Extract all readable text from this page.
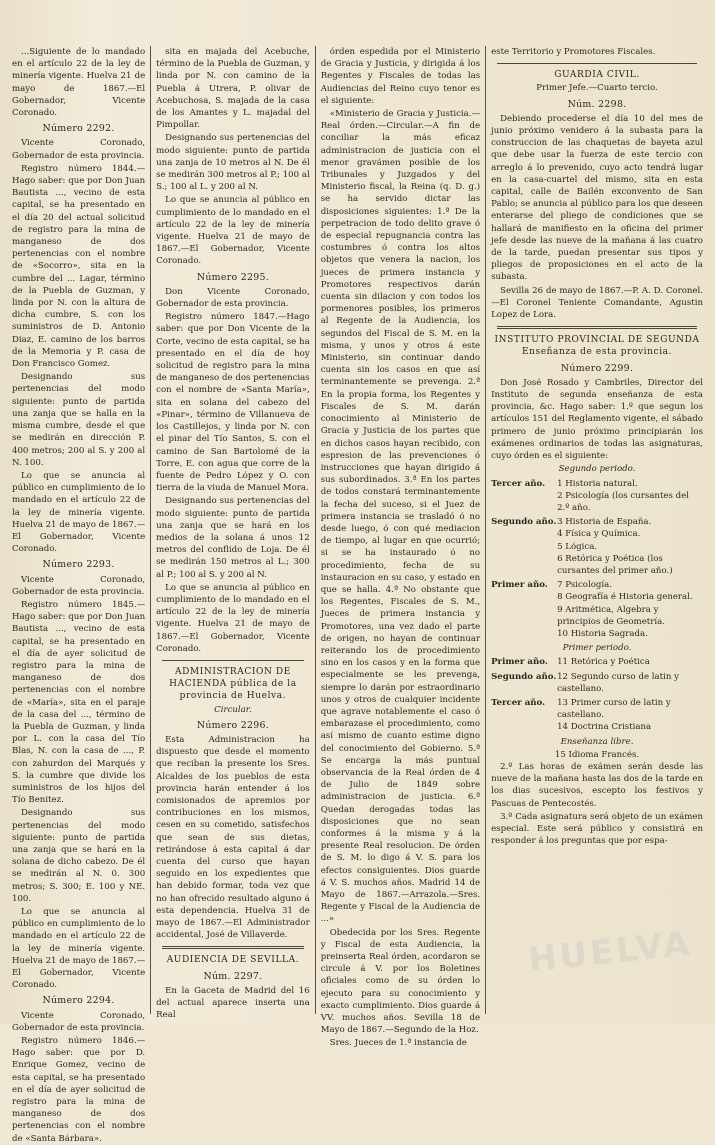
...Siguiente de lo mandado en el artículo 22 de la ley de minería vigente. Huelva 21 de mayo de 1867.—El Gobernador, Vicente Coronado.
Número 2292.
Vicente Coronado, Gobernador de esta provincia.
Registro número 1844.—Hago saber: que por Don Juan Bautista ..., vecino de esta capital, se ha presentado en el día 20 del actual solicitud de registro para la mina de manganeso de dos pertenencias con el nombre de «Socorro», sita en la cumbre del ... Lagar, término de la Puebla de Guzman, y linda por N. con la altura de dicha cumbre, S. con los suministros de D. Antonio Diaz, E. camino de los barros de la Memoria y P. casa de Don Francisco Gomez.
Designando sus pertenencias del modo siguiente: punto de partida una zanja que se halla en la misma cumbre, desde el que se medirán en dirección P. 400 metros; 200 al S. y 200 al N. 100.
Lo que se anuncia al público en cumplimiento de lo mandado en el artículo 22 de la ley de minería vigente. Huelva 21 de mayo de 1867.—El Gobernador, Vicente Coronado.
Número 2293.
Vicente Coronado, Gobernador de esta provincia.
Registro número 1845.—Hago saber: que por Don Juan Bautista ..., vecino de esta capital, se ha presentado en el día de ayer solicitud de registro para la mina de manganeso de dos pertenencias con el nombre de «María», sita en el paraje de la casa del ..., término de la Puebla de Guzman, y linda por L. con la casa del Tío Blas, N. con la casa de ..., P. con zahurdon del Marqués y S. la cumbre que divide los suministros de los hijos del Tío Benitez.
Designando sus pertenencias del modo siguiente: punto de partida una zanja que se hará en la solana de dicho cabezo. De él se medirán al N. 0. 300 metros; S. 300; E. 100 y NE. 100.
Lo que se anuncia al público en cumplimiento de lo mandado en el artículo 22 de la ley de minería vigente. Huelva 21 de mayo de 1867.—El Gobernador, Vicente Coronado.
Número 2294.
Vicente Coronado, Gobernador de esta provincia.
Registro número 1846.—Hago saber: que por D. Enrique Gomez, vecino de esta capital, se ha presentado en el día de ayer solicitud de registro para la mina de manganeso de dos pertenencias con el nombre de «Santa Bárbara».
sita en majada del Acebuche, término de la Puebla de Guzman, y linda por N. con camino de la Puebla á Utrera, P. olivar de Acebuchosa, S. majada de la casa de los Amantes y L. majadal del Pimpollar.
Designando sus pertenencias del modo siguiente: punto de partida una zanja de 10 metros al N. De él se medirán 300 metros al P.; 100 al S.; 100 al L. y 200 al N.
Lo que se anuncia al público en cumplimiento de lo mandado en el artículo 22 de la ley de minería vigente. Huelva 21 de mayo de 1867.—El Gobernador, Vicente Coronado.
Número 2295.
Don Vicente Coronado, Gobernador de esta provincia.
Registro número 1847.—Hago saber: que por Don Vicente de la Corte, vecino de esta capital, se ha presentado en el día de hoy solicitud de registro para la mina de manganeso de dos pertenencias con el nombre de «Santa María», sita en solana del cabezo del «Pinar», término de Villanueva de los Castillejos, y linda por N. con el pinar del Tío Santos, S. con el camino de San Bartolomé de la Torre, E. con agua que corre de la fuente de Pedro López y O. con tierra de la viuda de Manuel Mora.
Designando sus pertenencias del modo siguiente: punto de partida una zanja que se hará en los medios de la solana á unos 12 metros del conflido de Loja. De él se medirán 150 metros al L.; 300 al P.; 100 al S. y 200 al N.
Lo que se anuncia al público en cumplimiento de lo mandado en el artículo 22 de la ley de minería vigente. Huelva 21 de mayo de 1867.—El Gobernador, Vicente Coronado.
ADMINISTRACION DE HACIENDA pública de la provincia de Huelva.
Circular.
Número 2296.
Esta Administracion ha dispuesto que desde el momento que reciban la presente los Sres. Alcaldes de los pueblos de esta provincia harán entender á los comisionados de apremios por contribuciones en los mismos, cesen en su cometido, satisfechos que sean de sus dietas, retirándose á esta capital á dar cuenta del curso que hayan seguido en los expedientes que han debido formar, toda vez que no han ofrecido resultado alguno á esta dependencia. Huelva 31 de mayo de 1867.—El Administrador accidental, José de Villaverde.
AUDIENCIA DE SEVILLA.
Núm. 2297.
En la Gaceta de Madrid del 16 del actual aparece inserta una Real
órden espedida por el Ministerio de Gracia y Justicia, y dirigida á los Regentes y Fiscales de todas las Audiencias del Reino cuyo tenor es el siguiente:
«Ministerio de Gracia y Justicia.—Real órden.—Circular.—A fin de conciliar la más eficaz administracion de justicia con el menor gravámen posible de los Tribunales y Juzgados y del Ministerio fiscal, la Reina (q. D. g.) se ha servido dictar las disposiciones siguientes: 1.ª De la perpetracion de todo delito grave ó de especial repugnancia contra las costumbres ó contra los altos objetos que venera la nacion, los jueces de primera instancia y Promotores respectivos darán cuenta sin dilacion y con todos los pormenores posibles, los primeros al Regente de la Audiencia, los segundos del Fiscal de S. M. en la misma, y unos y otros á este Ministerio, sin continuar dando cuenta sin los casos en que así terminantemente se prevenga. 2.ª En la propia forma, los Regentes y Fiscales de S. M. darán conocimiento al Ministerio de Gracia y Justicia de los partes que en dichos casos hayan recibido, con espresion de las prevenciones ó instrucciones que hayan dirigido á sus subordinados. 3.ª En los partes de todos constará terminantemente la fecha del suceso, si el Juez de primera instancia se trasladó ó no desde luego, ó con qué mediacion de tiempo, al lugar en que ocurrió; si se ha instaurado ó no procedimiento, fecha de su instauracion en su caso, y estado en que se halla. 4.ª No obstante que los Regentes, Fiscales de S. M., Jueces de primera instancia y Promotores, una vez dado el parte de origen, no hayan de continuar reiterando los de procedimiento sino en los casos y en la forma que especialmente se les prevenga, siempre lo darán por estraordinario unos y otros de cualquier incidente que agrave notablemente el caso ó embarazase el procedimiento, como así mismo de cuanto estime digno del conocimiento del Gobierno. 5.ª Se encarga la más puntual observancia de la Real órden de 4 de Julio de 1849 sobre administracion de justicia. 6.ª Quedan derogadas todas las disposiciones que no sean conformes á la misma y á la presente Real resolucion. De órden de S. M. lo digo á V. S. para los efectos consiguientes. Dios guarde á V. S. muchos años. Madrid 14 de Mayo de 1867.—Arrazola.—Sres. Regente y Fiscal de la Audiencia de ...»
Obedecida por los Sres. Regente y Fiscal de esta Audiencia, la preinserta Real órden, acordaron se circule á V. por los Boletines oficiales como de su órden lo ejecuto para su conocimiento y exacto cumplimiento. Dios guarde á VV. muchos años. Sevilla 18 de Mayo de 1867.—Segundo de la Hoz.
Sres. Jueces de 1.ª instancia de
este Territorio y Promotores Fiscales.
GUARDIA CIVIL.
Primer Jefe.—Cuarto tercio.
Núm. 2298.
Debiendo procederse el día 10 del mes de junio próximo venidero á la subasta para la construccion de las chaquetas de bayeta azul que debe usar la fuerza de este tercio con arreglo á lo prevenido, cuyo acto tendrá lugar en la casa-cuartel del mismo, sita en esta capital, calle de Bailén exconvento de San Pablo; se anuncia al público para los que deseen enterarse del pliego de condiciones que se hallará de manifiesto en la oficina del primer jefe desde las nueve de la mañana á las cuatro de la tarde, puedan presentar sus tipos y pliegos de proposiciones en el acto de la subasta.
Sevilla 26 de mayo de 1867.—P. A. D. Coronel.—El Coronel Teniente Comandante, Agustin Lopez de Lora.
INSTITUTO PROVINCIAL DE SEGUNDA Enseñanza de esta provincia.
Número 2299.
Don José Rosado y Cambriles, Director del Instituto de segunda enseñanza de esta provincia, &c. Hago saber: 1.º que segun los artículos 151 del Reglamento vigente, el sábado primero de junio próximo principiarán los exámenes ordinarios de todas las asignaturas, cuyo órden es el siguiente:
Segundo periodo.
Tercer año.	1 Historia natural.
2 Psicología (los cursantes del 2.º año.
Segundo año. 3 Historia de España.
4 Física y Química.
5 Lógica.
6 Retórica y Poética (los cursantes del primer año.)
Primer año.	7 Psicología.
8 Geografía é Historia general.
9 Aritmética, Algebra y principios de Geometría.
10 Historia Sagrada.
Primer periodo.
Primer año.	11 Retórica y Poética
Segundo año. 12 Segundo curso de latin y castellano.
Tercer año.	13 Primer curso de latin y castellano.
14 Doctrina Cristiana
Enseñanza libre.
15 Idioma Francés.
2.º Las horas de exámen serán desde las nueve de la mañana hasta las dos de la tarde en los dias sucesivos, escepto los festivos y Pascuas de Pentecostés.
3.º Cada asignatura será objeto de un exámen especial. Este será público y consistirá en responder á los preguntas que por espa-
HUELVA
